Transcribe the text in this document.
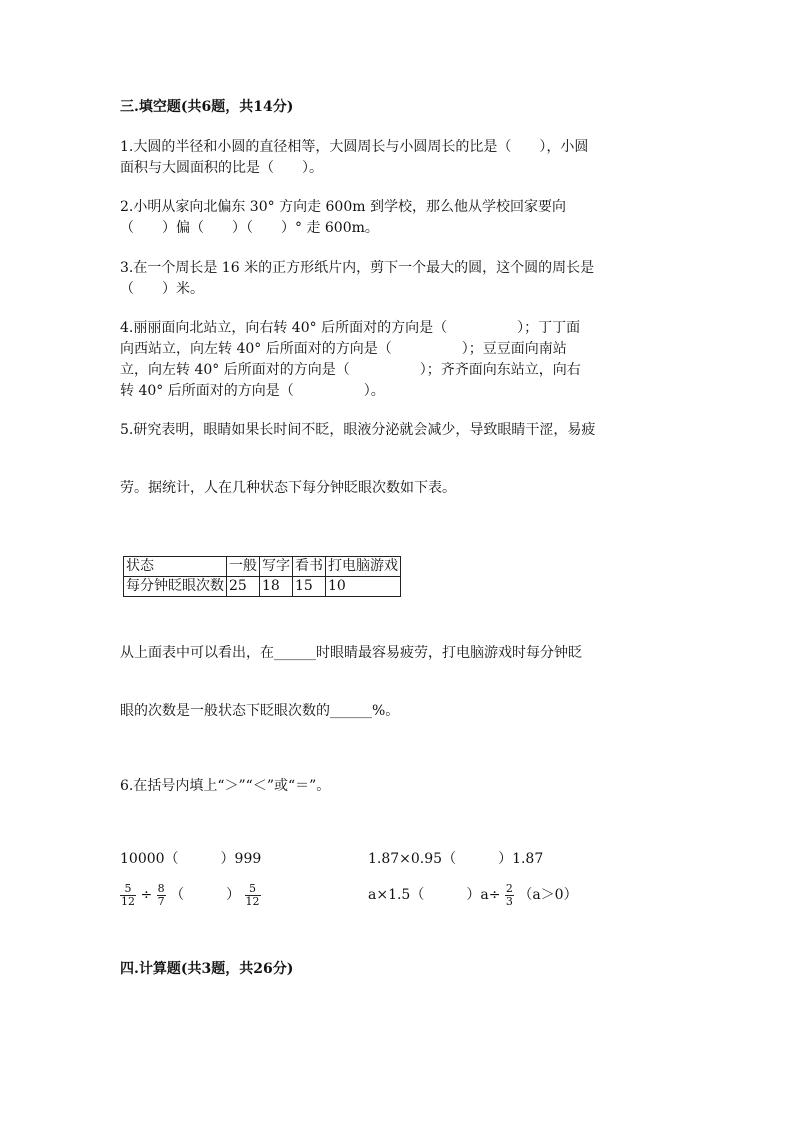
三.填空题(共6题，共14分)
1.大圆的半径和小圆的直径相等，大圆周长与小圆周长的比是（　　），小圆
面积与大圆面积的比是（　　）。
2.小明从家向北偏东 30° 方向走 600m 到学校，那么他从学校回家要向
（　　）偏（　　）（　　）° 走 600m。
3.在一个周长是 16 米的正方形纸片内，剪下一个最大的圆，这个圆的周长是
（　　）米。
4.丽丽面向北站立，向右转 40° 后所面对的方向是（　　　　　）；丁丁面
向西站立，向左转 40° 后所面对的方向是（　　　　　）；豆豆面向南站
立，向左转 40° 后所面对的方向是（　　　　　）；齐齐面向东站立，向右
转 40° 后所面对的方向是（　　　　　）。
5.研究表明，眼睛如果长时间不眨，眼液分泌就会减少，导致眼睛干涩，易疲
劳。据统计，人在几种状态下每分钟眨眼次数如下表。
状态	一般	写字	看书	打电脑游戏
每分钟眨眼次数	25	18	15	10
从上面表中可以看出，在______时眼睛最容易疲劳，打电脑游戏时每分钟眨
眼的次数是一般状态下眨眼次数的______%。
6.在括号内填上“＞”“＜”或“＝”。
10000（　　　）999	1.87×0.95（　　　）1.87
$\frac{5}{12} \div \frac{8}{7}$ （　　　） $\frac{5}{12}$	a×1.5（　　　）$a\div \frac{2}{3} (a>0)$
四.计算题(共3题，共26分)
